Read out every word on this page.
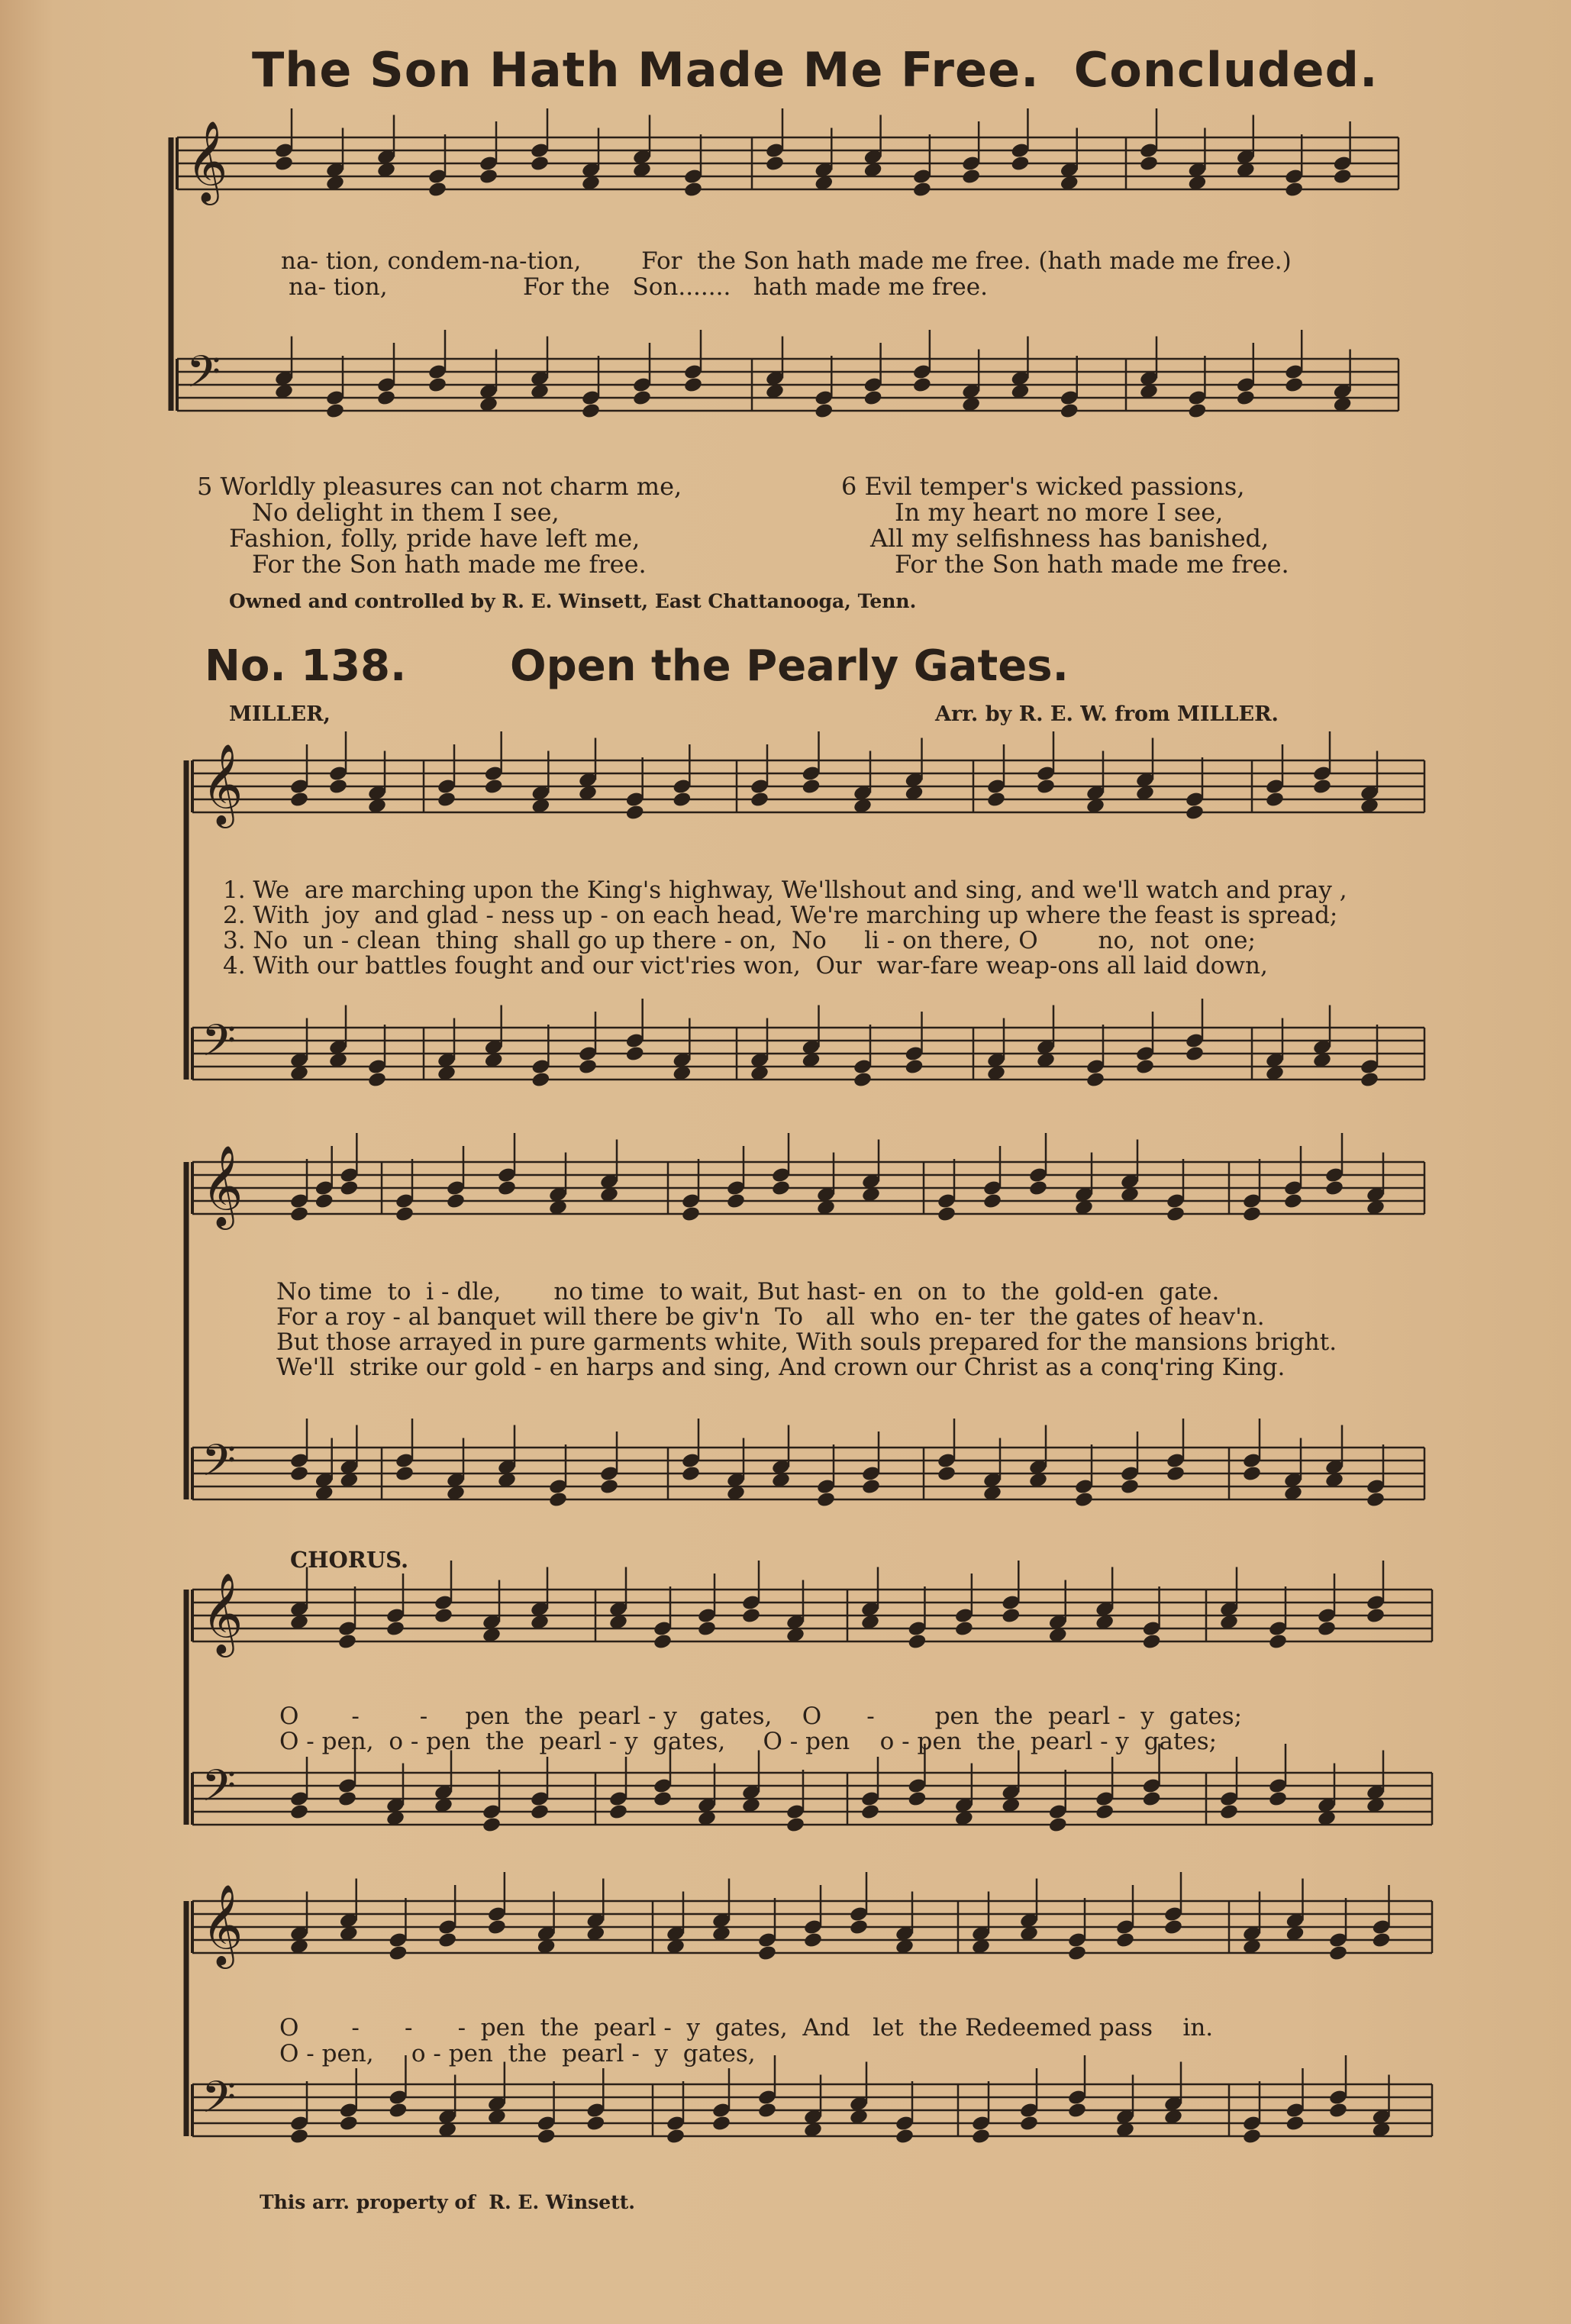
The Son Hath Made Me Free.  Concluded.
𝄞
𝄢
𝄞
𝄢
𝄞
𝄢
𝄞
𝄢
𝄞
𝄢
na- tion, condem-na-tion,        For  the Son hath made me free. (hath made me free.)
na- tion,                  For the   Son.......   hath made me free.
5 Worldly pleasures can not charm me,
No delight in them I see,
Fashion, folly, pride have left me,
For the Son hath made me free.
6 Evil temper's wicked passions,
In my heart no more I see,
All my selfishness has banished,
For the Son hath made me free.
Owned and controlled by R. E. Winsett, East Chattanooga, Tenn.
No. 138. Open the Pearly Gates.
MILLER,	Arr. by R. E. W. from MILLER.
1. We  are marching upon the King's highway, We'llshout and sing, and we'll watch and pray ,
2. With  joy  and glad - ness up - on each head, We're marching up where the feast is spread;
3. No  un - clean  thing  shall go up there - on,  No     li - on there, O        no,  not  one;
4. With our battles fought and our vict'ries won,  Our  war-fare weap-ons all laid down,
No time  to  i - dle,       no time  to wait, But hast- en  on  to  the  gold-en  gate.
For a roy - al banquet will there be giv'n  To   all  who  en- ter  the gates of heav'n.
But those arrayed in pure garments white, With souls prepared for the mansions bright.
We'll  strike our gold - en harps and sing, And crown our Christ as a conq'ring King.
CHORUS.
O       -        -     pen  the  pearl - y   gates,    O      -        pen  the  pearl -  y  gates;
O - pen,  o - pen  the  pearl - y  gates,     O - pen    o - pen  the  pearl - y  gates;
O       -      -      -  pen  the  pearl -  y  gates,  And   let  the Redeemed pass    in.
O - pen,     o - pen  the  pearl -  y  gates,
This arr. property of  R. E. Winsett.
